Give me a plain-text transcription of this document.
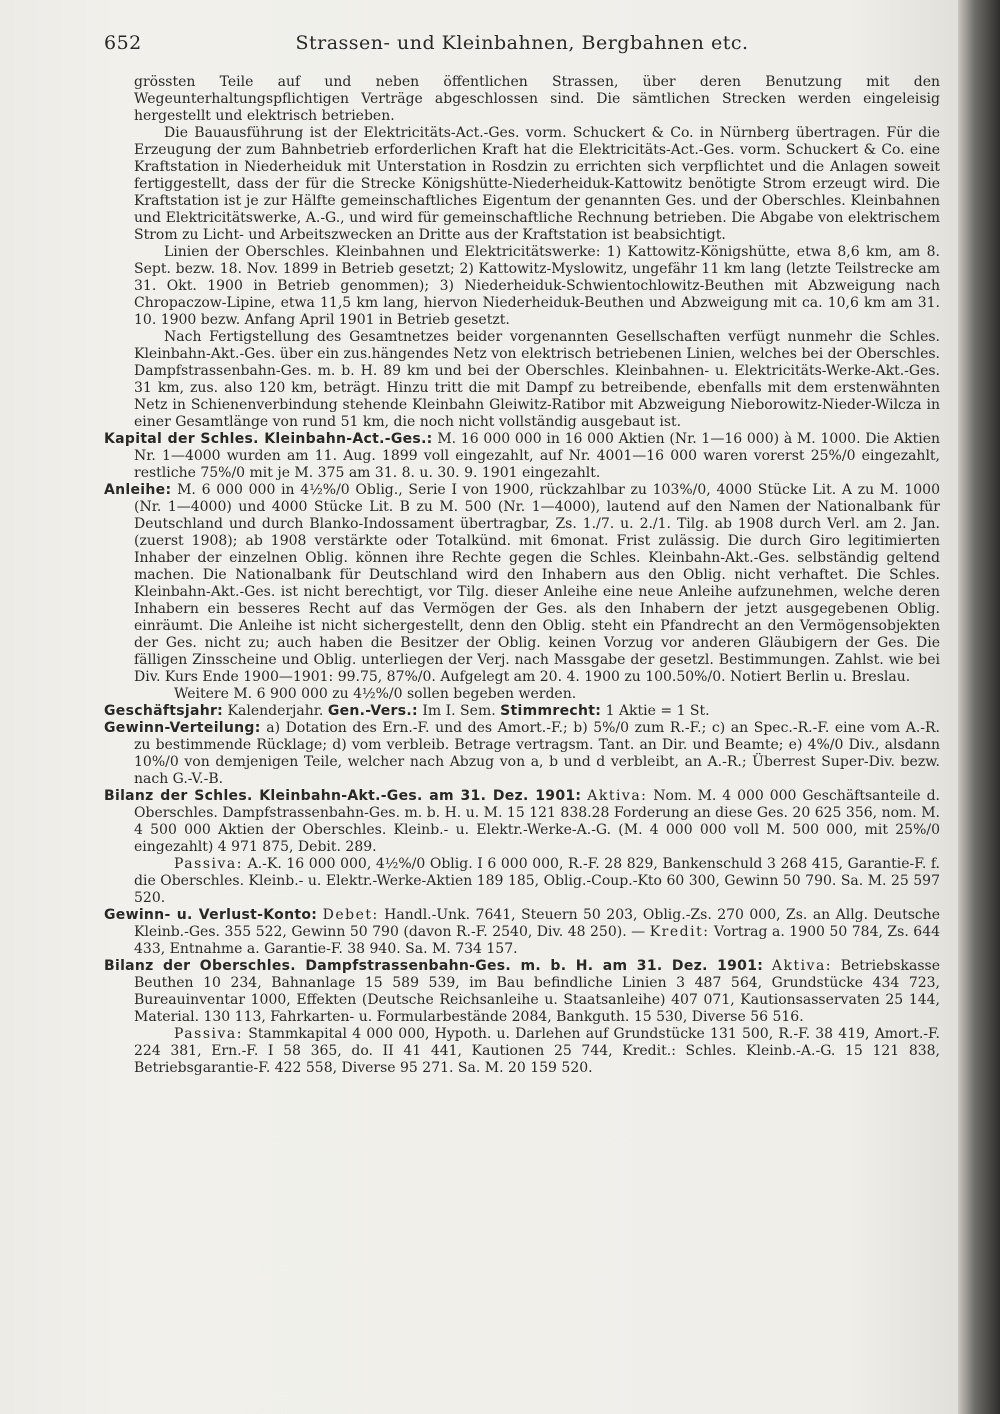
652	Strassen- und Kleinbahnen, Bergbahnen etc.

grössten Teile auf und neben öffentlichen Strassen, über deren Benutzung mit den Wegeunterhaltungspflichtigen Verträge abgeschlossen sind. Die sämtlichen Strecken werden eingeleisig hergestellt und elektrisch betrieben.

Die Bauausführung ist der Elektricitäts-Act.-Ges. vorm. Schuckert & Co. in Nürnberg übertragen. Für die Erzeugung der zum Bahnbetrieb erforderlichen Kraft hat die Elektricitäts-Act.-Ges. vorm. Schuckert & Co. eine Kraftstation in Niederheiduk mit Unterstation in Rosdzin zu errichten sich verpflichtet und die Anlagen soweit fertiggestellt, dass der für die Strecke Königshütte-Niederheiduk-Kattowitz benötigte Strom erzeugt wird. Die Kraftstation ist je zur Hälfte gemeinschaftliches Eigentum der genannten Ges. und der Oberschles. Kleinbahnen und Elektricitätswerke, A.-G., und wird für gemeinschaftliche Rechnung betrieben. Die Abgabe von elektrischem Strom zu Licht- und Arbeitszwecken an Dritte aus der Kraftstation ist beabsichtigt.

Linien der Oberschles. Kleinbahnen und Elektricitätswerke: 1) Kattowitz-Königshütte, etwa 8,6 km, am 8. Sept. bezw. 18. Nov. 1899 in Betrieb gesetzt; 2) Kattowitz-Myslowitz, ungefähr 11 km lang (letzte Teilstrecke am 31. Okt. 1900 in Betrieb genommen); 3) Niederheiduk-Schwientochlowitz-Beuthen mit Abzweigung nach Chropaczow-Lipine, etwa 11,5 km lang, hiervon Niederheiduk-Beuthen und Abzweigung mit ca. 10,6 km am 31. 10. 1900 bezw. Anfang April 1901 in Betrieb gesetzt.

Nach Fertigstellung des Gesamtnetzes beider vorgenannten Gesellschaften verfügt nunmehr die Schles. Kleinbahn-Akt.-Ges. über ein zus.hängendes Netz von elektrisch betriebenen Linien, welches bei der Oberschles. Dampfstrassenbahn-Ges. m. b. H. 89 km und bei der Oberschles. Kleinbahnen- u. Elektricitäts-Werke-Akt.-Ges. 31 km, zus. also 120 km, beträgt. Hinzu tritt die mit Dampf zu betreibende, ebenfalls mit dem erstenwähnten Netz in Schienenverbindung stehende Kleinbahn Gleiwitz-Ratibor mit Abzweigung Nieborowitz-Nieder-Wilcza in einer Gesamtlänge von rund 51 km, die noch nicht vollständig ausgebaut ist.

Kapital der Schles. Kleinbahn-Act.-Ges.: M. 16 000 000 in 16 000 Aktien (Nr. 1—16 000) à M. 1000. Die Aktien Nr. 1—4000 wurden am 11. Aug. 1899 voll eingezahlt, auf Nr. 4001—16 000 waren vorerst 25%/0 eingezahlt, restliche 75%/0 mit je M. 375 am 31. 8. u. 30. 9. 1901 eingezahlt.

Anleihe: M. 6 000 000 in 4½%/0 Oblig., Serie I von 1900, rückzahlbar zu 103%/0, 4000 Stücke Lit. A zu M. 1000 (Nr. 1—4000) und 4000 Stücke Lit. B zu M. 500 (Nr. 1—4000), lautend auf den Namen der Nationalbank für Deutschland und durch Blanko-Indossament übertragbar, Zs. 1./7. u. 2./1. Tilg. ab 1908 durch Verl. am 2. Jan. (zuerst 1908); ab 1908 verstärkte oder Totalkünd. mit 6monat. Frist zulässig. Die durch Giro legitimierten Inhaber der einzelnen Oblig. können ihre Rechte gegen die Schles. Kleinbahn-Akt.-Ges. selbständig geltend machen. Die Nationalbank für Deutschland wird den Inhabern aus den Oblig. nicht verhaftet. Die Schles. Kleinbahn-Akt.-Ges. ist nicht berechtigt, vor Tilg. dieser Anleihe eine neue Anleihe aufzunehmen, welche deren Inhabern ein besseres Recht auf das Vermögen der Ges. als den Inhabern der jetzt ausgegebenen Oblig. einräumt. Die Anleihe ist nicht sichergestellt, denn den Oblig. steht ein Pfandrecht an den Vermögensobjekten der Ges. nicht zu; auch haben die Besitzer der Oblig. keinen Vorzug vor anderen Gläubigern der Ges. Die fälligen Zinsscheine und Oblig. unterliegen der Verj. nach Massgabe der gesetzl. Bestimmungen. Zahlst. wie bei Div. Kurs Ende 1900—1901: 99.75, 87%/0. Aufgelegt am 20. 4. 1900 zu 100.50%/0. Notiert Berlin u. Breslau.

Weitere M. 6 900 000 zu 4½%/0 sollen begeben werden.

Geschäftsjahr: Kalenderjahr. Gen.-Vers.: Im I. Sem. Stimmrecht: 1 Aktie = 1 St.

Gewinn-Verteilung: a) Dotation des Ern.-F. und des Amort.-F.; b) 5%/0 zum R.-F.; c) an Spec.-R.-F. eine vom A.-R. zu bestimmende Rücklage; d) vom verbleib. Betrage vertragsm. Tant. an Dir. und Beamte; e) 4%/0 Div., alsdann 10%/0 von demjenigen Teile, welcher nach Abzug von a, b und d verbleibt, an A.-R.; Überrest Super-Div. bezw. nach G.-V.-B.

Bilanz der Schles. Kleinbahn-Akt.-Ges. am 31. Dez. 1901: Aktiva: Nom. M. 4 000 000 Geschäftsanteile d. Oberschles. Dampfstrassenbahn-Ges. m. b. H. u. M. 15 121 838.28 Forderung an diese Ges. 20 625 356, nom. M. 4 500 000 Aktien der Oberschles. Kleinb.- u. Elektr.-Werke-A.-G. (M. 4 000 000 voll M. 500 000, mit 25%/0 eingezahlt) 4 971 875, Debit. 289.

Passiva: A.-K. 16 000 000, 4½%/0 Oblig. I 6 000 000, R.-F. 28 829, Bankenschuld 3 268 415, Garantie-F. f. die Oberschles. Kleinb.- u. Elektr.-Werke-Aktien 189 185, Oblig.-Coup.-Kto 60 300, Gewinn 50 790. Sa. M. 25 597 520.

Gewinn- u. Verlust-Konto: Debet: Handl.-Unk. 7641, Steuern 50 203, Oblig.-Zs. 270 000, Zs. an Allg. Deutsche Kleinb.-Ges. 355 522, Gewinn 50 790 (davon R.-F. 2540, Div. 48 250). — Kredit: Vortrag a. 1900 50 784, Zs. 644 433, Entnahme a. Garantie-F. 38 940. Sa. M. 734 157.

Bilanz der Oberschles. Dampfstrassenbahn-Ges. m. b. H. am 31. Dez. 1901: Aktiva: Betriebskasse Beuthen 10 234, Bahnanlage 15 589 539, im Bau befindliche Linien 3 487 564, Grundstücke 434 723, Bureauinventar 1000, Effekten (Deutsche Reichsanleihe u. Staatsanleihe) 407 071, Kautionsasservaten 25 144, Material. 130 113, Fahrkarten- u. Formularbestände 2084, Bankguth. 15 530, Diverse 56 516.

Passiva: Stammkapital 4 000 000, Hypoth. u. Darlehen auf Grundstücke 131 500, R.-F. 38 419, Amort.-F. 224 381, Ern.-F. I 58 365, do. II 41 441, Kautionen 25 744, Kredit.: Schles. Kleinb.-A.-G. 15 121 838, Betriebsgarantie-F. 422 558, Diverse 95 271. Sa. M. 20 159 520.
